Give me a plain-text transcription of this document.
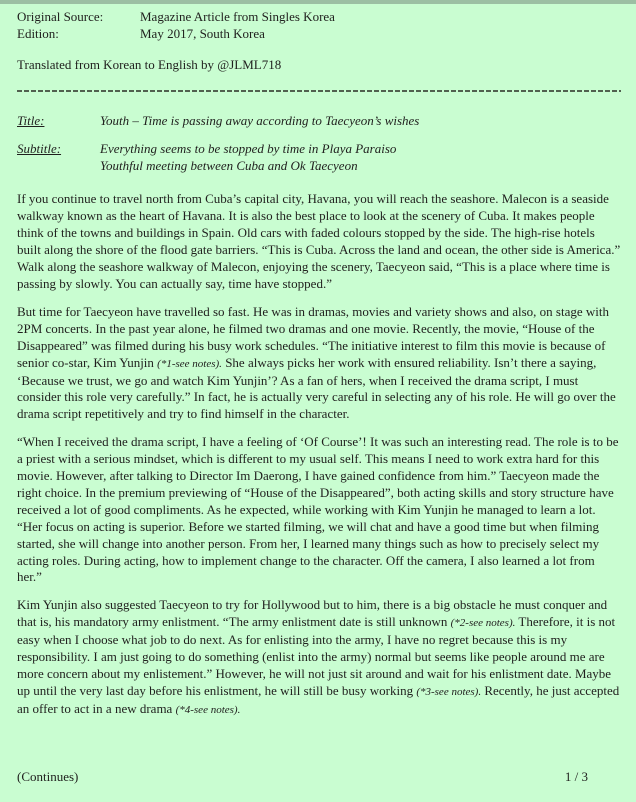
Original Source:	Magazine Article from Singles Korea
Edition:	May 2017, South Korea
Translated from Korean to English by @JLML718
Title:	Youth – Time is passing away according to Taecyeon’s wishes
Subtitle:	Everything seems to be stopped by time in Playa Paraiso
Youthful meeting between Cuba and Ok Taecyeon

If you continue to travel north from Cuba’s capital city, Havana, you will reach the seashore. Malecon is a seaside walkway known as the heart of Havana. It is also the best place to look at the scenery of Cuba. It makes people think of the towns and buildings in Spain. Old cars with faded colours stopped by the side. The high-rise hotels built along the shore of the flood gate barriers. “This is Cuba. Across the land and ocean, the other side is America.” Walk along the seashore walkway of Malecon, enjoying the scenery, Taecyeon said, “This is a place where time is passing by slowly. You can actually say, time have stopped.”

But time for Taecyeon have travelled so fast. He was in dramas, movies and variety shows and also, on stage with 2PM concerts. In the past year alone, he filmed two dramas and one movie. Recently, the movie, “House of the Disappeared” was filmed during his busy work schedules. “The initiative interest to film this movie is because of senior co-star, Kim Yunjin (*1-see notes). She always picks her work with ensured reliability. Isn’t there a saying, ‘Because we trust, we go and watch Kim Yunjin’? As a fan of hers, when I received the drama script, I must consider this role very carefully.” In fact, he is actually very careful in selecting any of his role. He will go over the drama script repetitively and try to find himself in the character.

“When I received the drama script, I have a feeling of ‘Of Course’! It was such an interesting read. The role is to be a priest with a serious mindset, which is different to my usual self. This means I need to work extra hard for this movie. However, after talking to Director Im Daerong, I have gained confidence from him.” Taecyeon made the right choice. In the premium previewing of “House of the Disappeared”, both acting skills and story structure have received a lot of good compliments. As he expected, while working with Kim Yunjin he managed to learn a lot. “Her focus on acting is superior. Before we started filming, we will chat and have a good time but when filming started, she will change into another person. From her, I learned many things such as how to precisely select my acting roles. During acting, how to implement change to the character. Off the camera, I also learned a lot from her.”

Kim Yunjin also suggested Taecyeon to try for Hollywood but to him, there is a big obstacle he must conquer and that is, his mandatory army enlistment. “The army enlistment date is still unknown (*2-see notes). Therefore, it is not easy when I choose what job to do next. As for enlisting into the army, I have no regret because this is my responsibility. I am just going to do something (enlist into the army) normal but seems like people around me are more concern about my enlistement.” However, he will not just sit around and wait for his enlistment date. Maybe up until the very last day before his enlistment, he will still be busy working (*3-see notes). Recently, he just accepted an offer to act in a new drama (*4-see notes).

(Continues)	1 / 3
